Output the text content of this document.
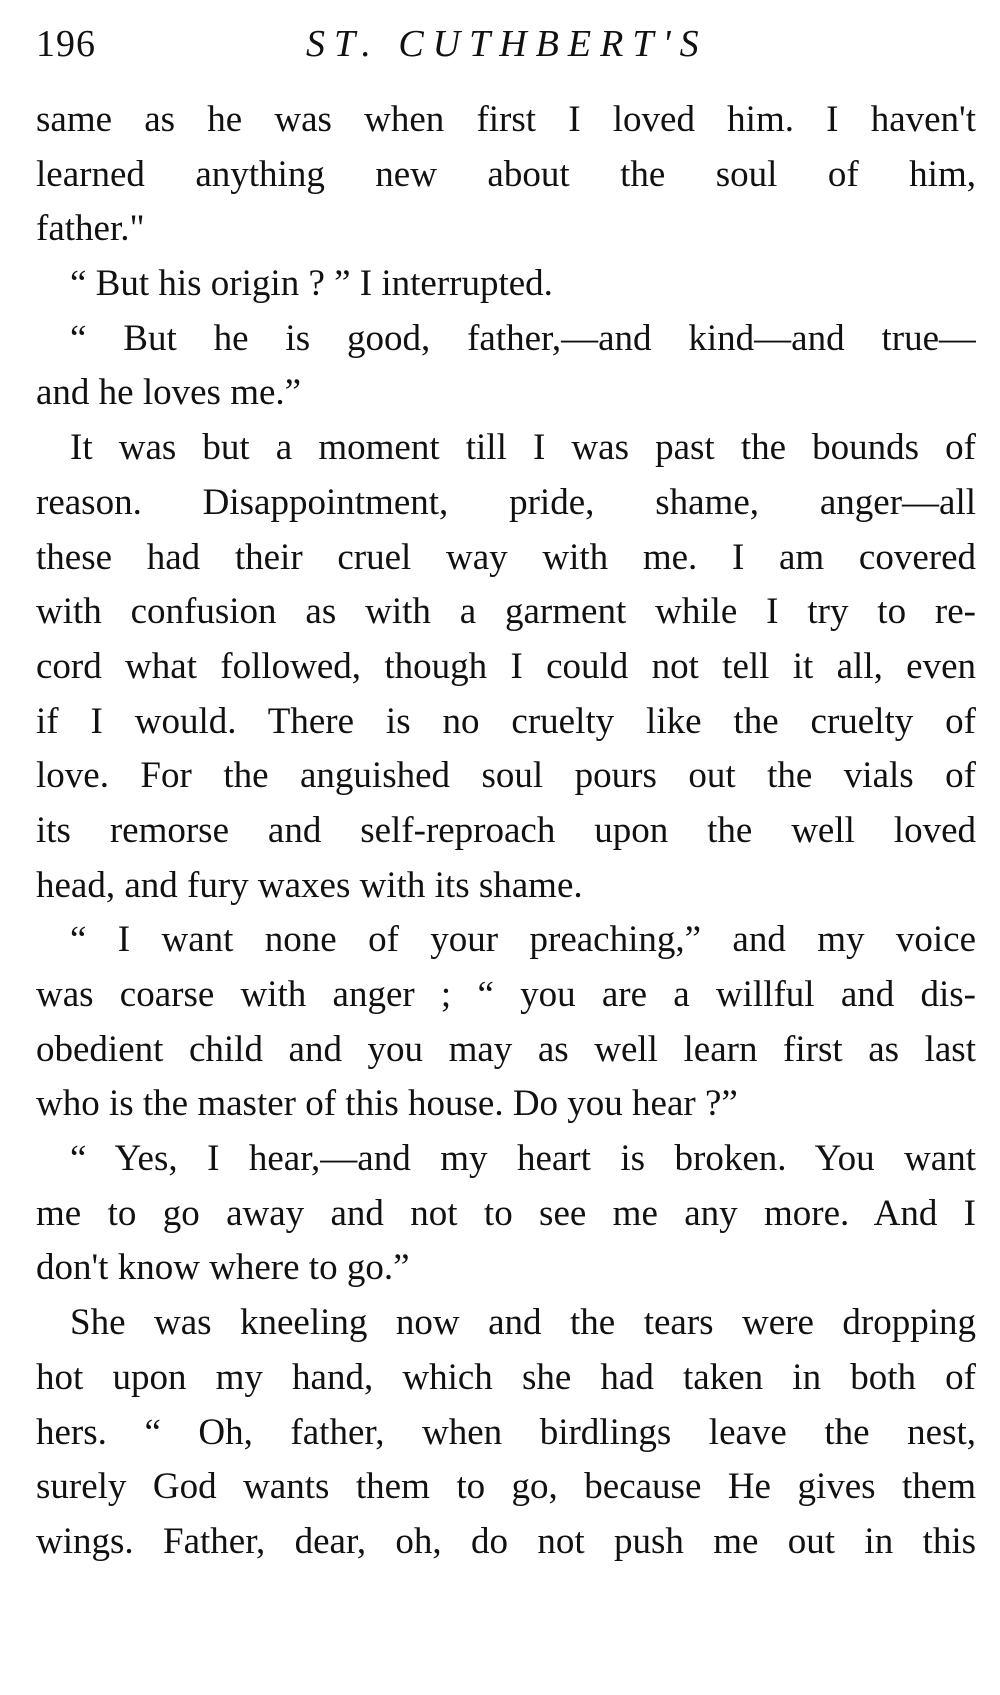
196	ST. CUTHBERT'S
same as he was when first I loved him. I haven't
learned anything new about the soul of him,
father."
“ But his origin ? ” I interrupted.
“ But he is good, father,—and kind—and true—
and he loves me.”
It was but a moment till I was past the bounds of
reason. Disappointment, pride, shame, anger—all
these had their cruel way with me. I am covered
with confusion as with a garment while I try to re-
cord what followed, though I could not tell it all, even
if I would. There is no cruelty like the cruelty of
love. For the anguished soul pours out the vials of
its remorse and self-reproach upon the well loved
head, and fury waxes with its shame.
“ I want none of your preaching,” and my voice
was coarse with anger ; “ you are a willful and dis-
obedient child and you may as well learn first as last
who is the master of this house. Do you hear ?”
“ Yes, I hear,—and my heart is broken. You want
me to go away and not to see me any more. And I
don't know where to go.”
She was kneeling now and the tears were dropping
hot upon my hand, which she had taken in both of
hers. “ Oh, father, when birdlings leave the nest,
surely God wants them to go, because He gives them
wings. Father, dear, oh, do not push me out in this
